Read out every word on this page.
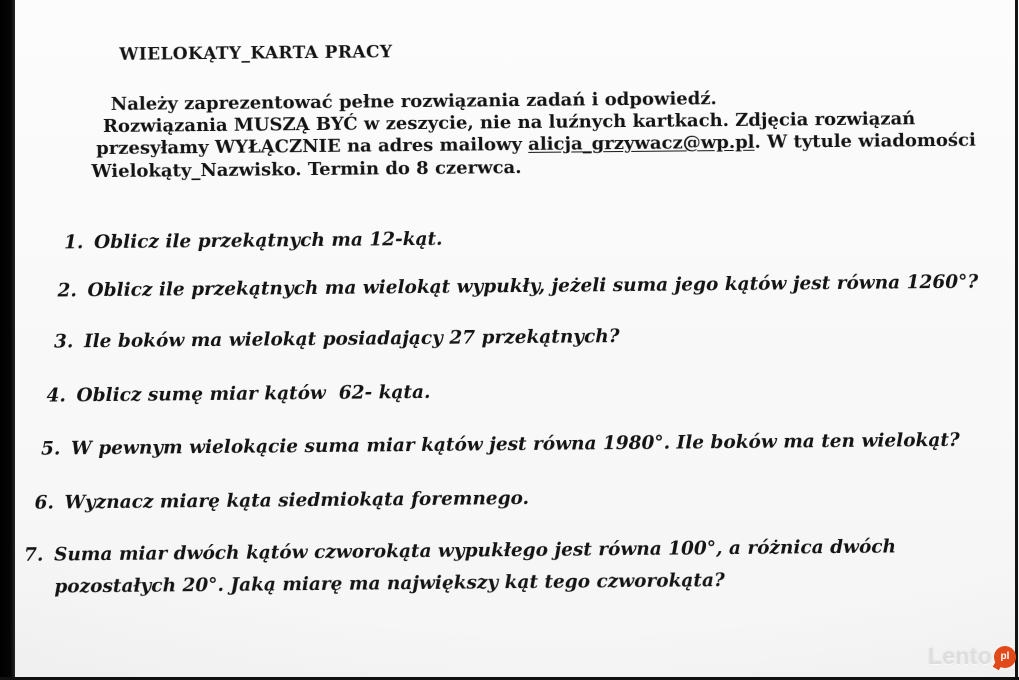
WIELOKĄTY_KARTA PRACY
Należy zaprezentować pełne rozwiązania zadań i odpowiedź.
Rozwiązania MUSZĄ BYĆ w zeszycie, nie na luźnych kartkach. Zdjęcia rozwiązań
przesyłamy WYŁĄCZNIE na adres mailowy alicja_grzywacz@wp.pl. W tytule wiadomości
Wielokąty_Nazwisko. Termin do 8 czerwca.
1. Oblicz ile przekątnych ma 12-kąt.
2. Oblicz ile przekątnych ma wielokąt wypukły, jeżeli suma jego kątów jest równa 1260°?
3. Ile boków ma wielokąt posiadający 27 przekątnych?
4. Oblicz sumę miar kątów  62- kąta.
5. W pewnym wielokącie suma miar kątów jest równa 1980°. Ile boków ma ten wielokąt?
6. Wyznacz miarę kąta siedmiokąta foremnego.
7. Suma miar dwóch kątów czworokąta wypukłego jest równa 100°, a różnica dwóch pozostałych 20°. Jaką miarę ma największy kąt tego czworokąta?
Lento pl
